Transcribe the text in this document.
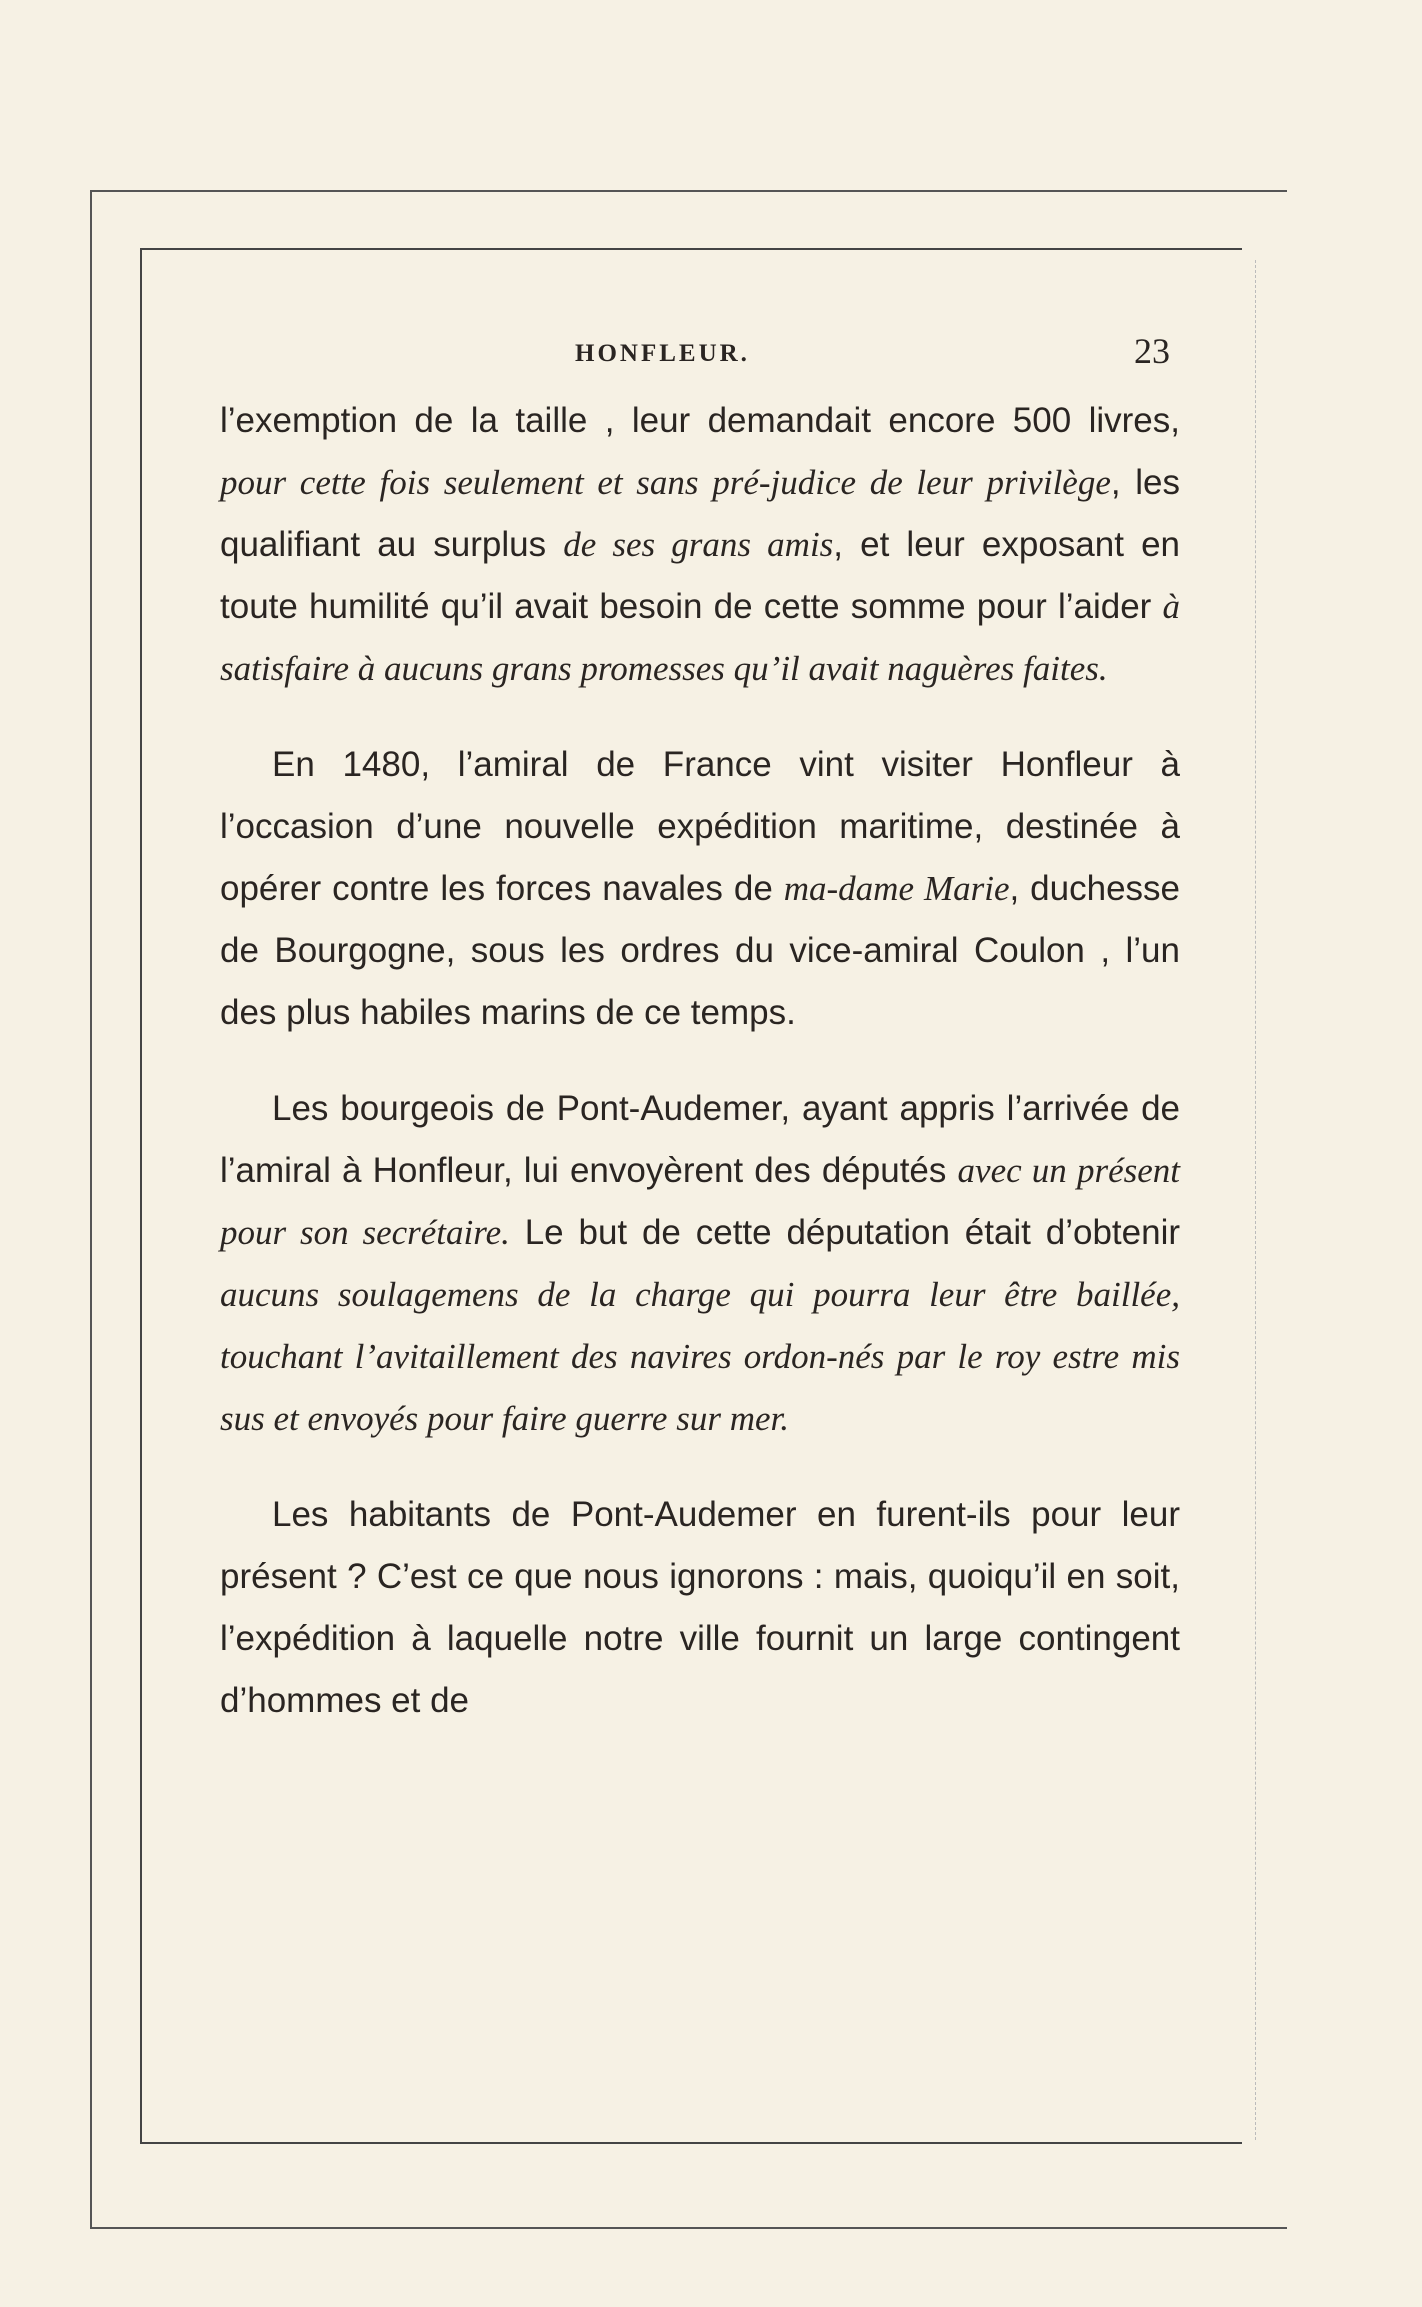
HONFLEUR.	23

l’exemption de la taille , leur demandait encore 500 livres, pour cette fois seulement et sans pré-judice de leur privilège, les qualifiant au surplus de ses grans amis, et leur exposant en toute humilité qu’il avait besoin de cette somme pour l’aider à satisfaire à aucuns grans promesses qu’il avait naguères faites.

En 1480, l’amiral de France vint visiter Honfleur à l’occasion d’une nouvelle expédition maritime, destinée à opérer contre les forces navales de ma-dame Marie, duchesse de Bourgogne, sous les ordres du vice-amiral Coulon , l’un des plus habiles marins de ce temps.

Les bourgeois de Pont-Audemer, ayant appris l’arrivée de l’amiral à Honfleur, lui envoyèrent des députés avec un présent pour son secrétaire. Le but de cette députation était d’obtenir aucuns soulagemens de la charge qui pourra leur être baillée, touchant l’avitaillement des navires ordon-nés par le roy estre mis sus et envoyés pour faire guerre sur mer.

Les habitants de Pont-Audemer en furent-ils pour leur présent ? C’est ce que nous ignorons : mais, quoiqu’il en soit, l’expédition à laquelle notre ville fournit un large contingent d’hommes et de
